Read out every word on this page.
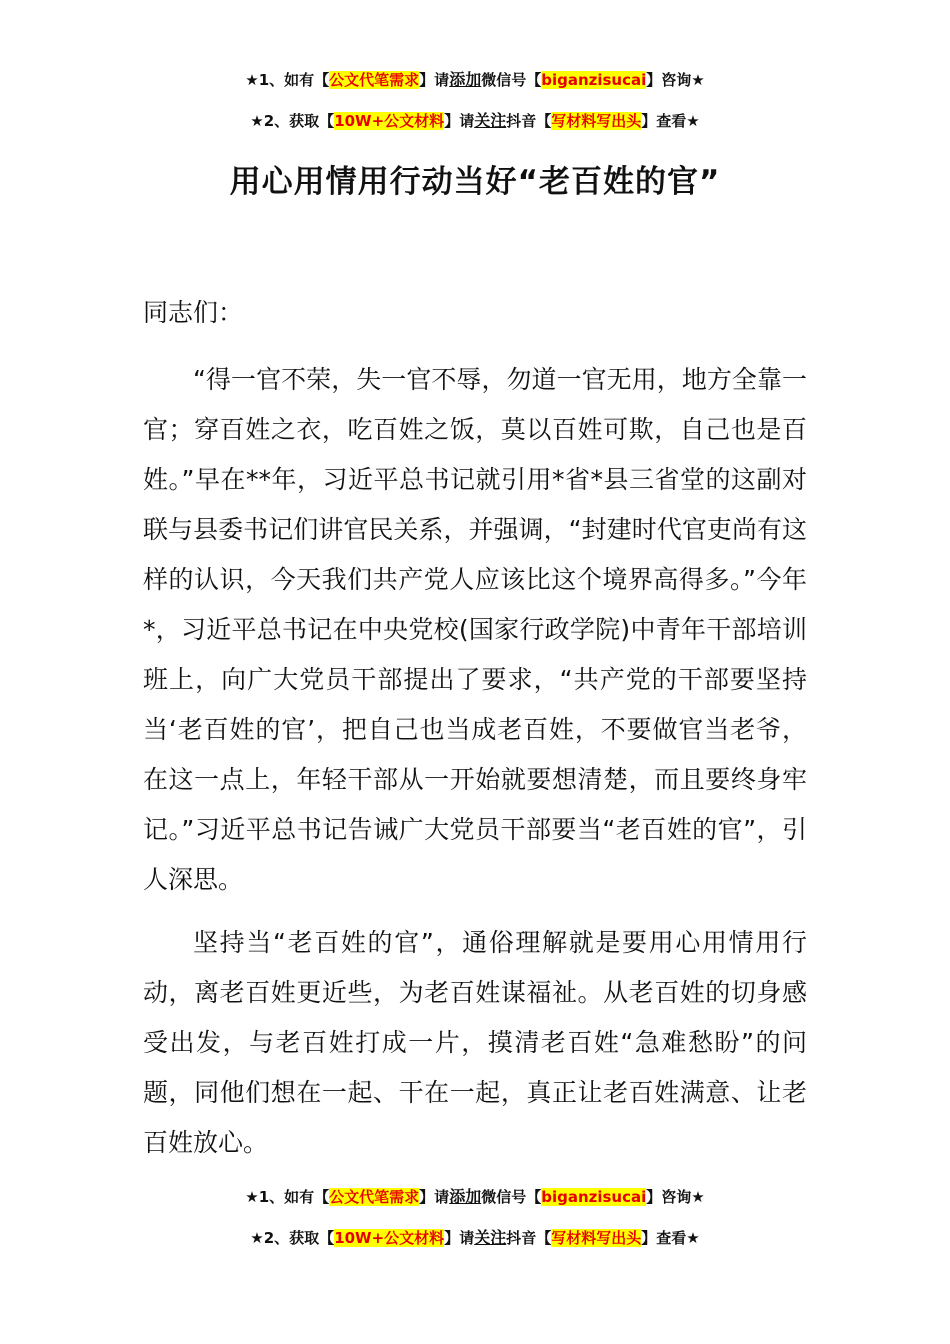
★1、如有【公文代笔需求】请添加微信号【biganzisucai】咨询★
★2、获取【10W+公文材料】请关注抖音【写材料写出头】查看★
用心用情用行动当好“老百姓的官”

同志们：

“得一官不荣，失一官不辱，勿道一官无用，地方全靠一官；穿百姓之衣，吃百姓之饭，莫以百姓可欺，自己也是百姓。”早在**年，习近平总书记就引用*省*县三省堂的这副对联与县委书记们讲官民关系，并强调，“封建时代官吏尚有这样的认识，今天我们共产党人应该比这个境界高得多。”今年*，习近平总书记在中央党校(国家行政学院)中青年干部培训班上，向广大党员干部提出了要求，“共产党的干部要坚持当‘老百姓的官’，把自己也当成老百姓，不要做官当老爷，在这一点上，年轻干部从一开始就要想清楚，而且要终身牢记。”习近平总书记告诫广大党员干部要当“老百姓的官”，引人深思。

坚持当“老百姓的官”，通俗理解就是要用心用情用行动，离老百姓更近些，为老百姓谋福祉。从老百姓的切身感受出发，与老百姓打成一片，摸清老百姓“急难愁盼”的问题，同他们想在一起、干在一起，真正让老百姓满意、让老百姓放心。

★1、如有【公文代笔需求】请添加微信号【biganzisucai】咨询★
★2、获取【10W+公文材料】请关注抖音【写材料写出头】查看★
